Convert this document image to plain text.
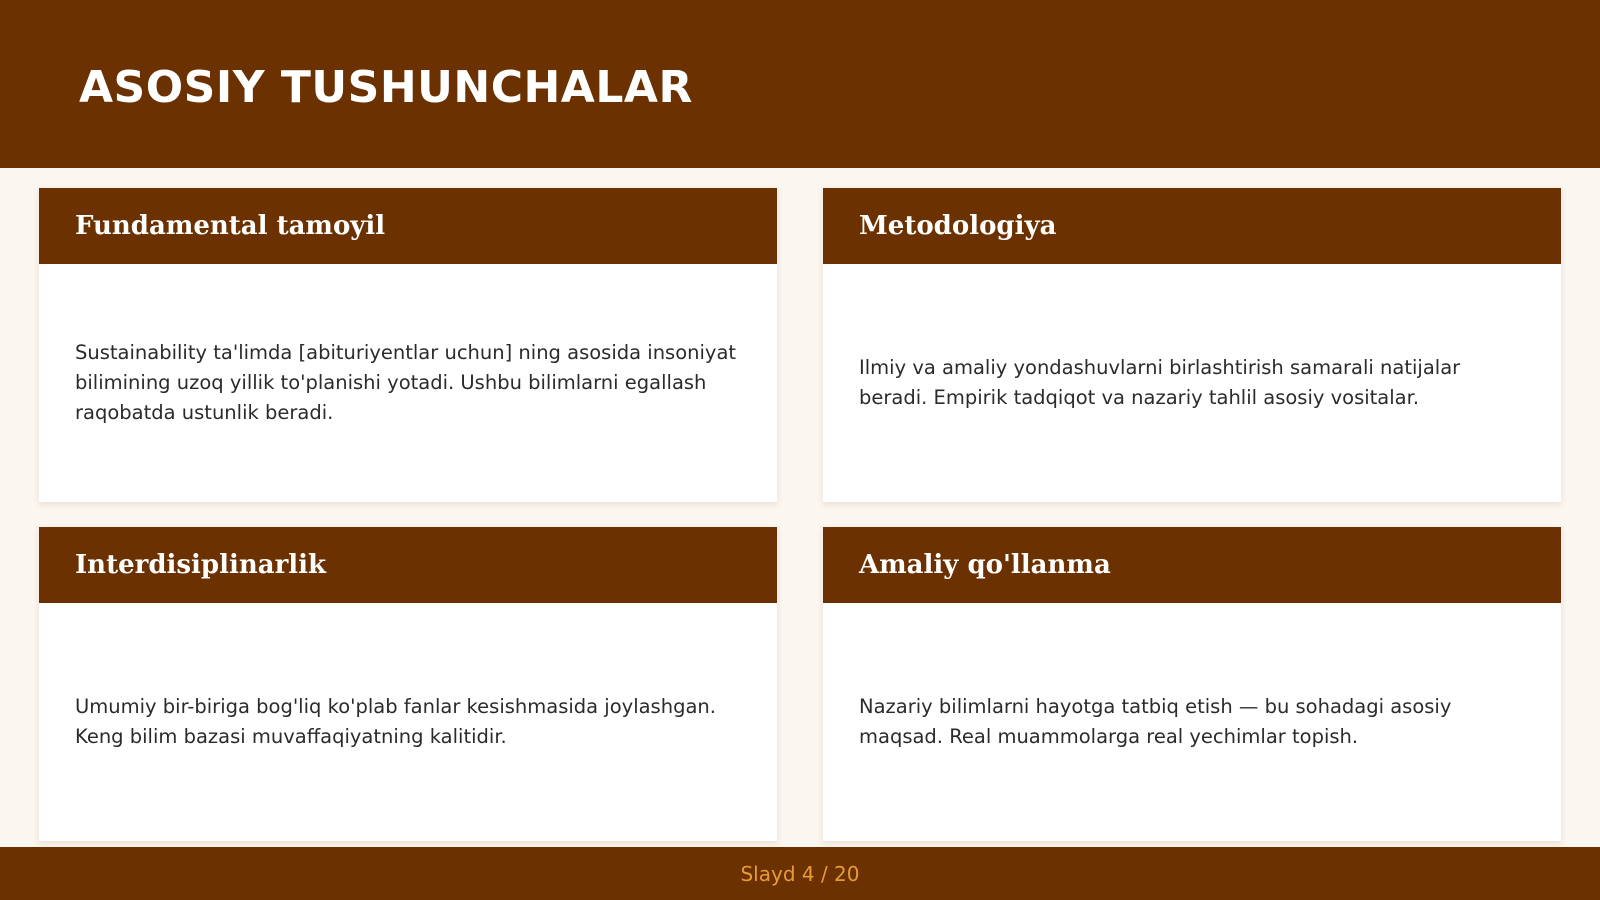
ASOSIY TUSHUNCHALAR
Fundamental tamoyil

Sustainability ta'limda [abituriyentlar uchun] ning asosida insoniyat bilimining uzoq yillik to'planishi yotadi. Ushbu bilimlarni egallash raqobatda ustunlik beradi.

Metodologiya

Ilmiy va amaliy yondashuvlarni birlashtirish samarali natijalar beradi. Empirik tadqiqot va nazariy tahlil asosiy vositalar.

Interdisiplinarlik

Umumiy bir-biriga bog'liq ko'plab fanlar kesishmasida joylashgan. Keng bilim bazasi muvaffaqiyatning kalitidir.

Amaliy qo'llanma

Nazariy bilimlarni hayotga tatbiq etish — bu sohadagi asosiy maqsad. Real muammolarga real yechimlar topish.

Slayd 4 / 20
